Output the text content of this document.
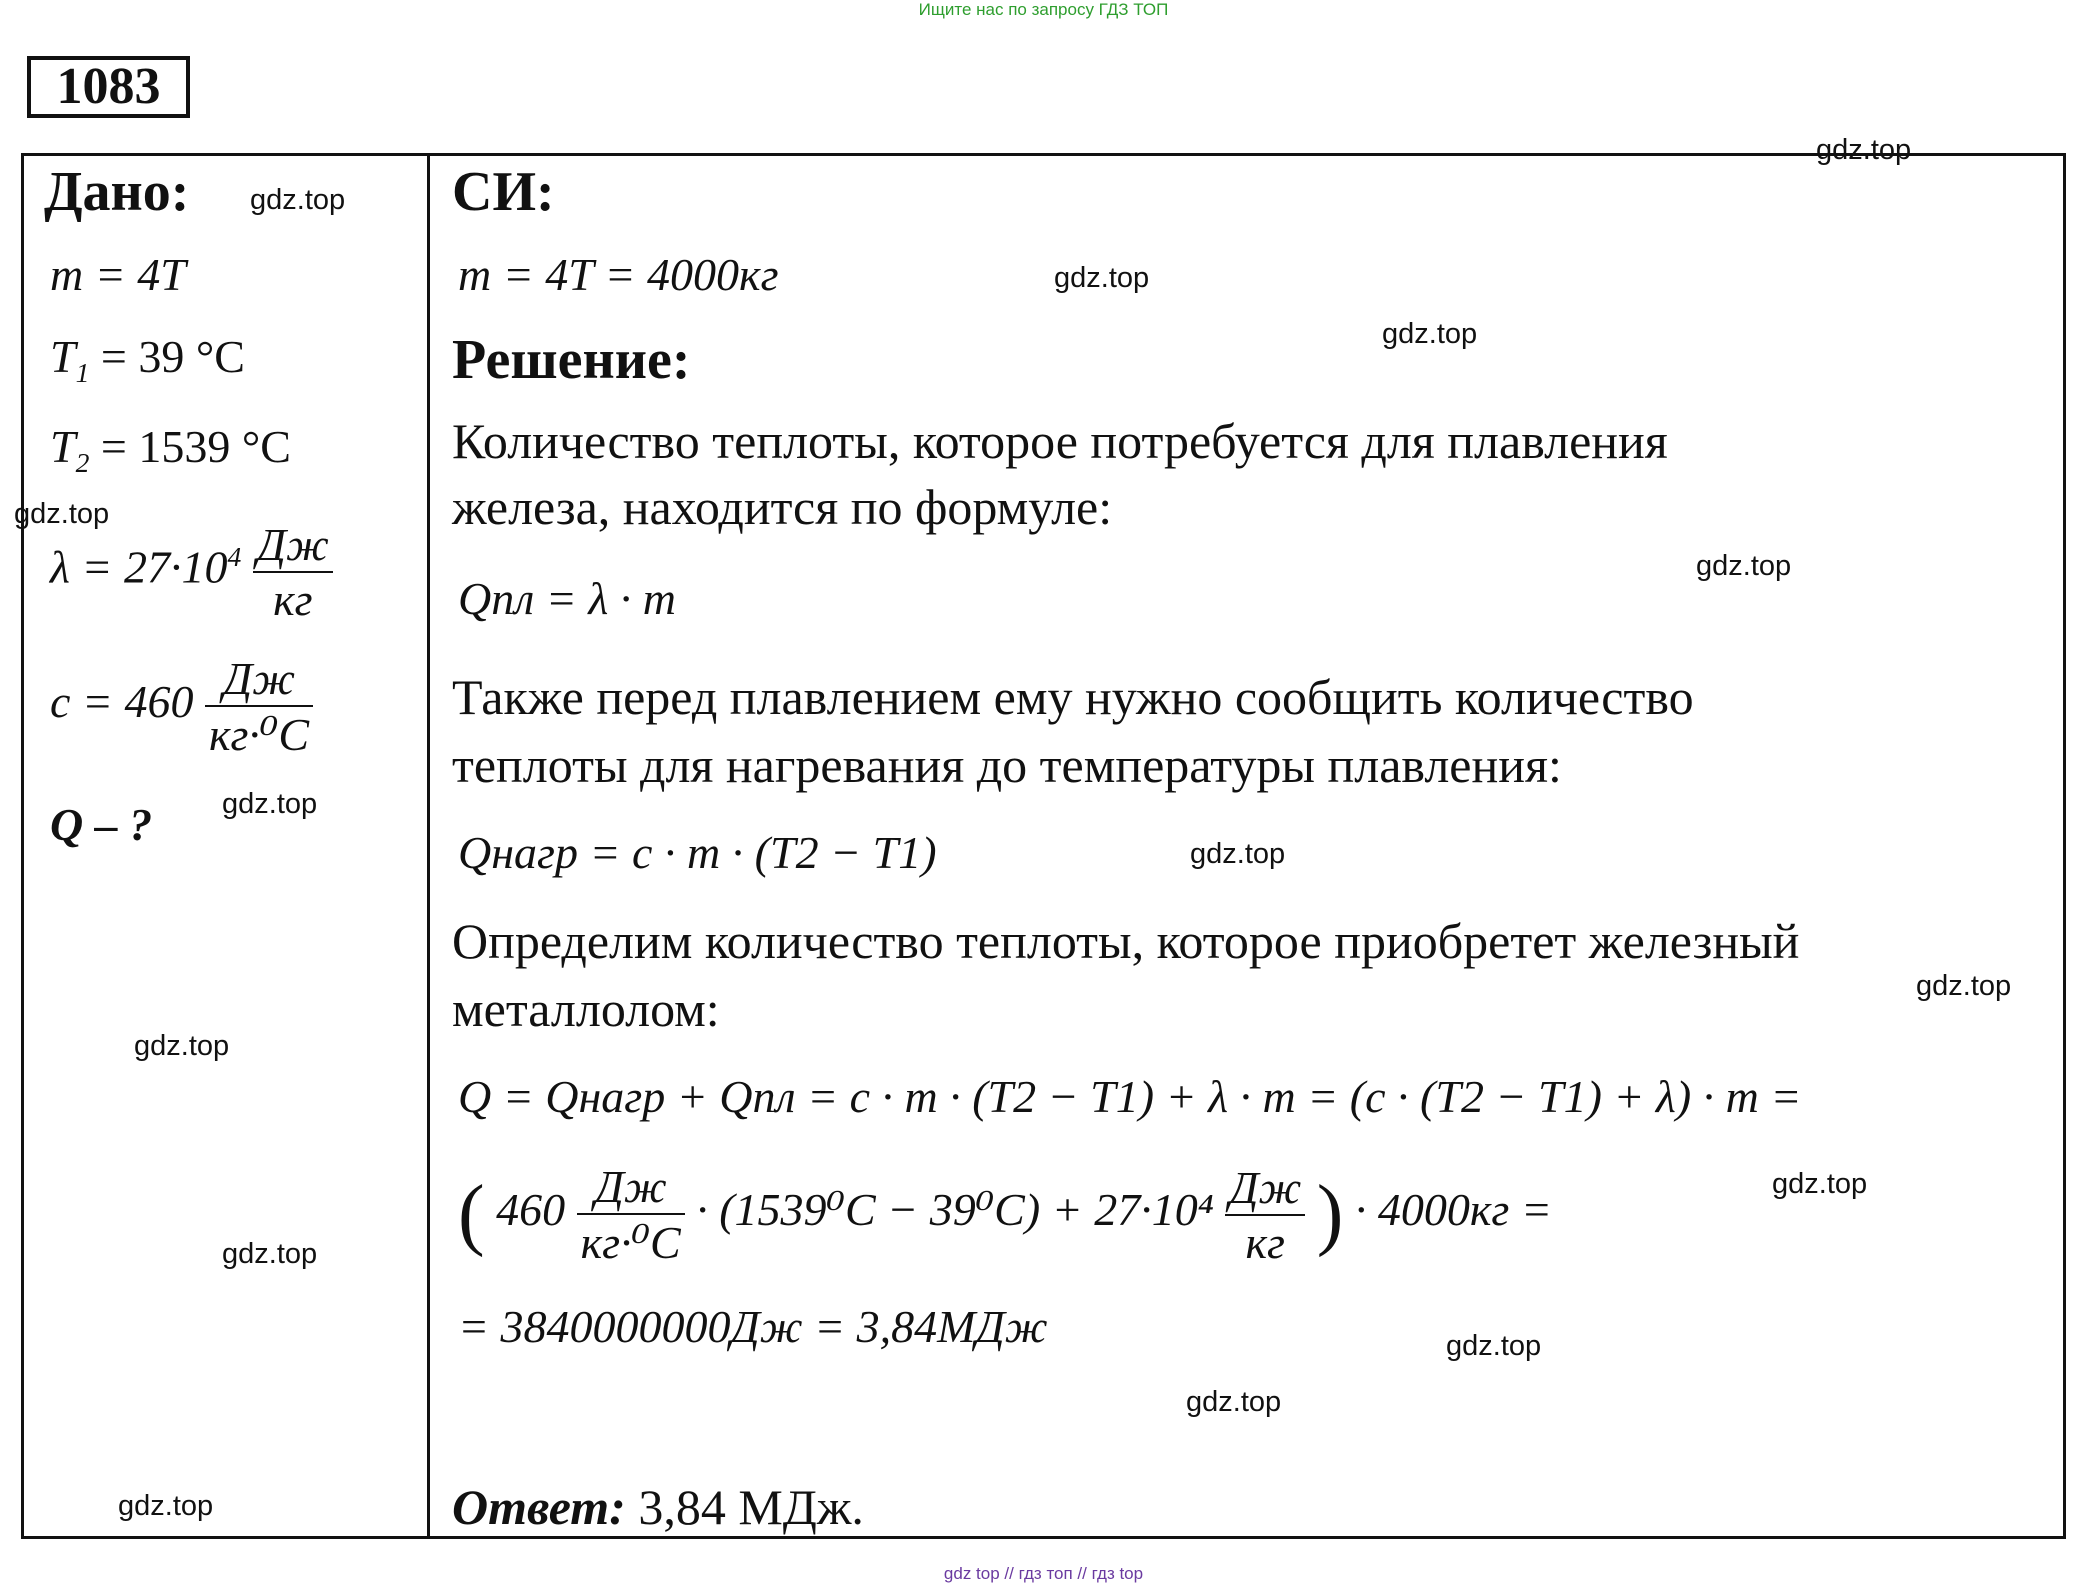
Ищите нас по запросу ГДЗ ТОП
1083
Дано:
m = 4T
$T_1 = 39$ °C
$T_2 = 1539$ °C
$\lambda = 27\cdot 10^4 \frac{Дж}{кг}$
$c = 460 \frac{Дж}{\text{кг·⁰C}}$
Q – ?
СИ:
m = 4T = 4000кг
Решение:
Количество теплоты, которое потребуется для плавления
железа, находится по формуле:
Qпл = λ · m
Также перед плавлением ему нужно сообщить количество
теплоты для нагревания до температуры плавления:
Qнагр = c · m · (T2 − T1)
Определим количество теплоты, которое приобретет железный
металлолом:
Q = Qнагр + Qпл = c · m · (T2 − T1) + λ · m = (c · (T2 − T1) + λ) · m =
( $460 \frac{Дж}{\text{кг·⁰C}} \cdot (1539^0C - 39^0C) + 27\cdot 10^4 \frac{Дж}{кг}$ ) · 4000кг =
= 3840000000Дж = 3,84МДж
Ответ: 3,84 МДж.
gdz.top
gdz.top
gdz.top
gdz.top
gdz.top
gdz.top
gdz.top
gdz.top
gdz.top
gdz.top
gdz.top
gdz.top
gdz.top
gdz.top
gdz.top
gdz top // гдз топ // гдз top
